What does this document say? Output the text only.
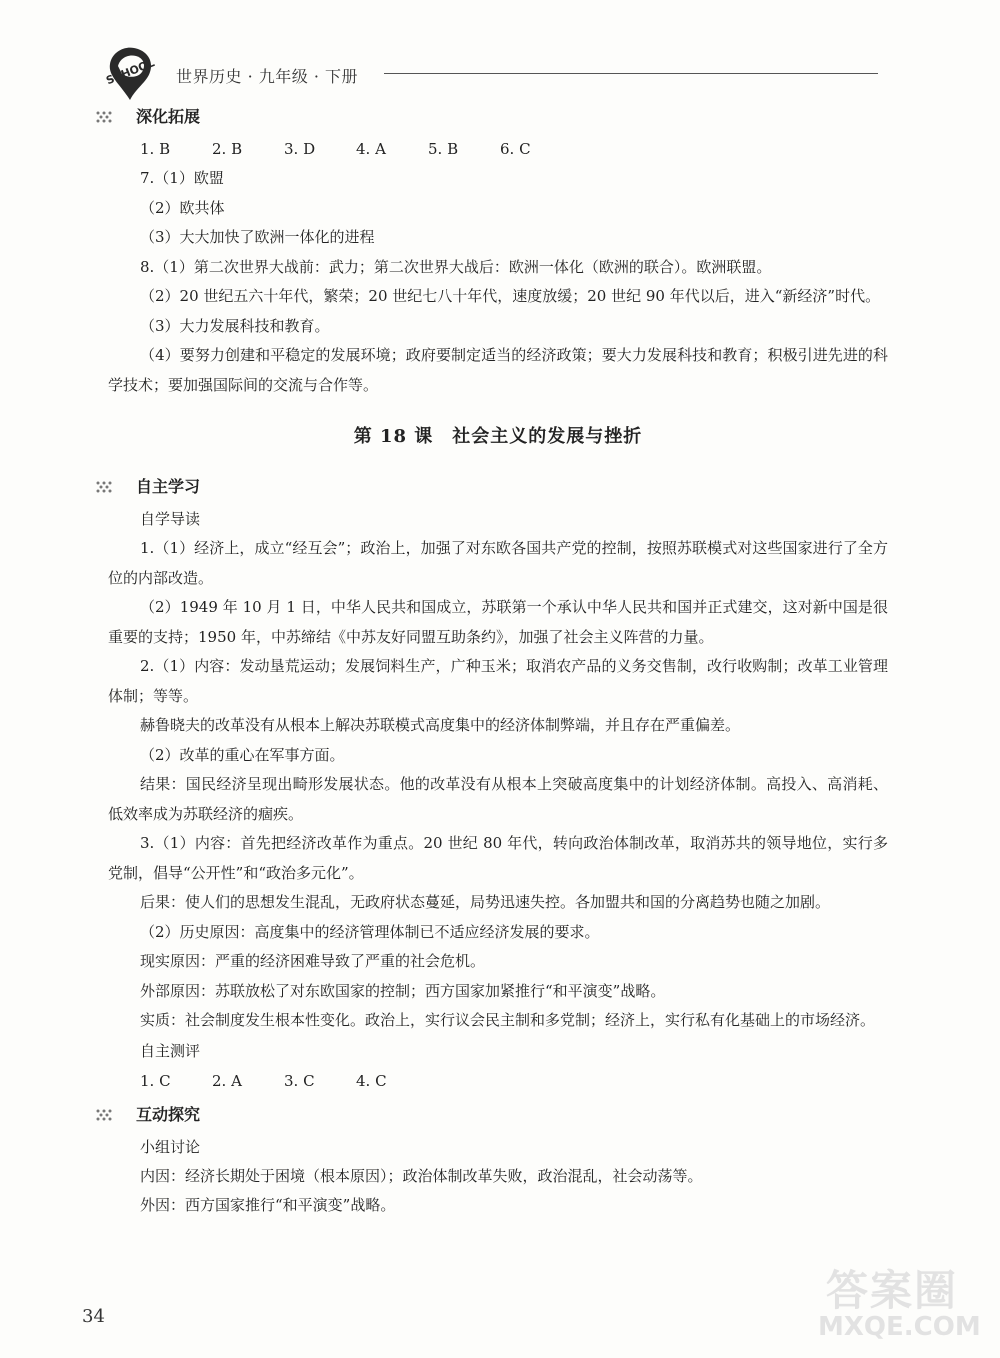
SCHOOL 世界历史 · 九年级 · 下册
深化拓展
1. B	2. B	3. D	4. A	5. B	6. C

7.（1）欧盟

（2）欧共体

（3）大大加快了欧洲一体化的进程

8.（1）第二次世界大战前：武力；第二次世界大战后：欧洲一体化（欧洲的联合）。欧洲联盟。

（2）20 世纪五六十年代，繁荣；20 世纪七八十年代，速度放缓；20 世纪 90 年代以后，进入“新经济”时代。

（3）大力发展科技和教育。

（4）要努力创建和平稳定的发展环境；政府要制定适当的经济政策；要大力发展科技和教育；积极引进先进的科学技术；要加强国际间的交流与合作等。

第 18 课　社会主义的发展与挫折
自主学习
自学导读

1.（1）经济上，成立“经互会”；政治上，加强了对东欧各国共产党的控制，按照苏联模式对这些国家进行了全方位的内部改造。

（2）1949 年 10 月 1 日，中华人民共和国成立，苏联第一个承认中华人民共和国并正式建交，这对新中国是很重要的支持；1950 年，中苏缔结《中苏友好同盟互助条约》，加强了社会主义阵营的力量。

2.（1）内容：发动垦荒运动；发展饲料生产，广种玉米；取消农产品的义务交售制，改行收购制；改革工业管理体制；等等。

赫鲁晓夫的改革没有从根本上解决苏联模式高度集中的经济体制弊端，并且存在严重偏差。

（2）改革的重心在军事方面。

结果：国民经济呈现出畸形发展状态。他的改革没有从根本上突破高度集中的计划经济体制。高投入、高消耗、低效率成为苏联经济的痼疾。

3.（1）内容：首先把经济改革作为重点。20 世纪 80 年代，转向政治体制改革，取消苏共的领导地位，实行多党制，倡导“公开性”和“政治多元化”。

后果：使人们的思想发生混乱，无政府状态蔓延，局势迅速失控。各加盟共和国的分离趋势也随之加剧。

（2）历史原因：高度集中的经济管理体制已不适应经济发展的要求。

现实原因：严重的经济困难导致了严重的社会危机。

外部原因：苏联放松了对东欧国家的控制；西方国家加紧推行“和平演变”战略。

实质：社会制度发生根本性变化。政治上，实行议会民主制和多党制；经济上，实行私有化基础上的市场经济。

自主测评
1. C	2. A	3. C	4. C
互动探究
小组讨论

内因：经济长期处于困境（根本原因）；政治体制改革失败，政治混乱，社会动荡等。

外因：西方国家推行“和平演变”战略。

34
答案圈
MXQE.COM
